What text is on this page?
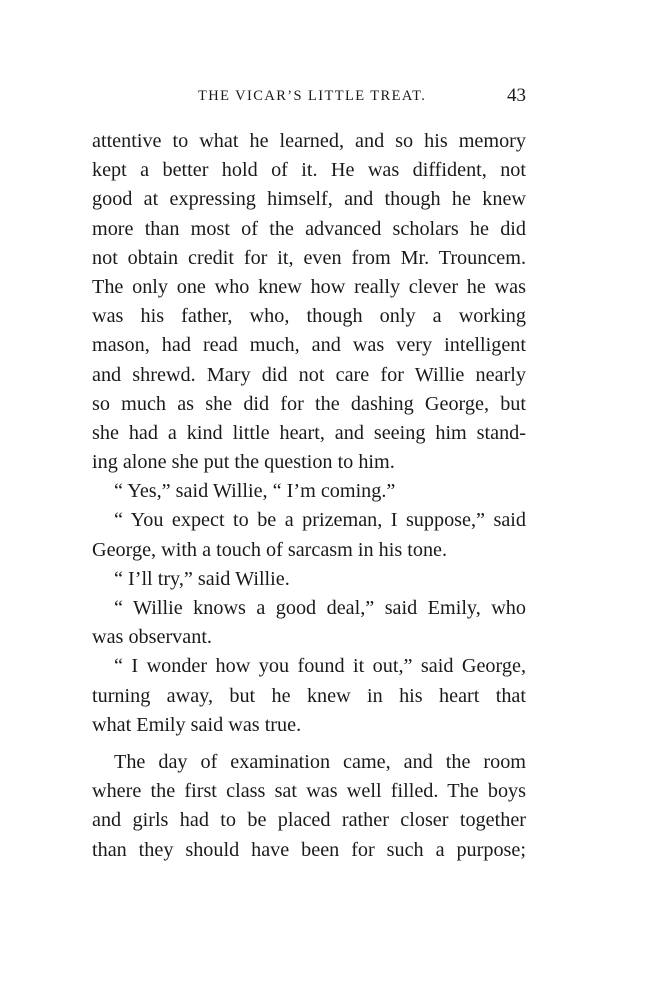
THE VICAR’S LITTLE TREAT.	43
attentive to what he learned, and so his memory
kept a better hold of it. He was diffident, not
good at expressing himself, and though he knew
more than most of the advanced scholars he did
not obtain credit for it, even from Mr. Trouncem.
The only one who knew how really clever he was
was his father, who, though only a working
mason, had read much, and was very intelligent
and shrewd. Mary did not care for Willie nearly
so much as she did for the dashing George, but
she had a kind little heart, and seeing him stand-
ing alone she put the question to him.
“ Yes,” said Willie, “ I’m coming.”
“ You expect to be a prizeman, I suppose,” said
George, with a touch of sarcasm in his tone.
“ I’ll try,” said Willie.
“ Willie knows a good deal,” said Emily, who
was observant.
“ I wonder how you found it out,” said George,
turning away, but he knew in his heart that
what Emily said was true.
The day of examination came, and the room
where the first class sat was well filled. The boys
and girls had to be placed rather closer together
than they should have been for such a purpose;
